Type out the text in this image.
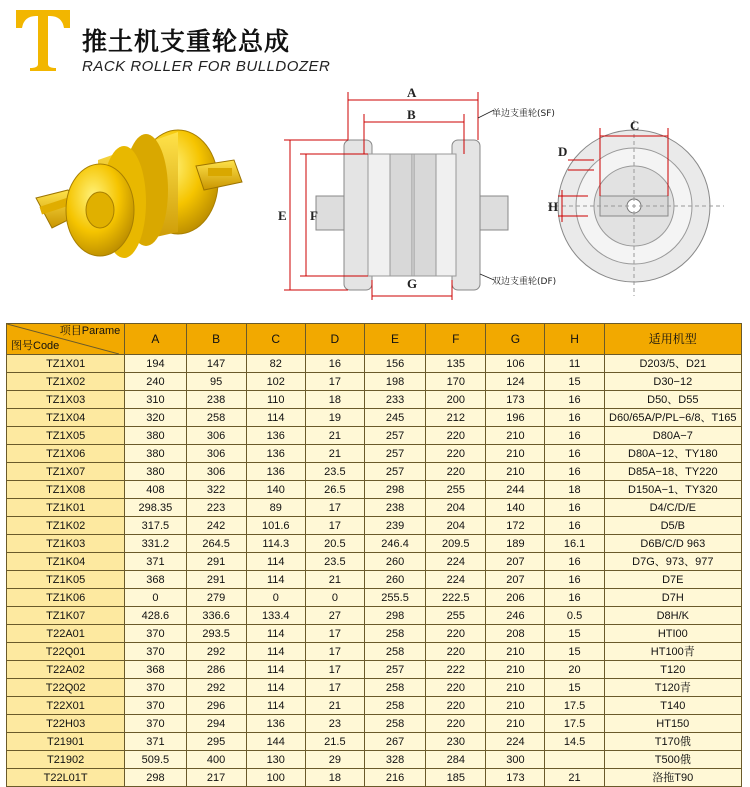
推土机支重轮总成
RACK ROLLER FOR BULLDOZER
A
B
E F
G
单边支重轮(SF)
双边支重轮(DF)
C
D
H
项目Parame
图号Code	A	B	C	D	E	F	G	H	适用机型
TZ1X01	194	147	82	16	156	135	106	11	D203/5、D21
TZ1X02	240	95	102	17	198	170	124	15	D30−12
TZ1X03	310	238	110	18	233	200	173	16	D50、D55
TZ1X04	320	258	114	19	245	212	196	16	D60/65A/P/PL−6/8、T165
TZ1X05	380	306	136	21	257	220	210	16	D80A−7
TZ1X06	380	306	136	21	257	220	210	16	D80A−12、TY180
TZ1X07	380	306	136	23.5	257	220	210	16	D85A−18、TY220
TZ1X08	408	322	140	26.5	298	255	244	18	D150A−1、TY320
TZ1K01	298.35	223	89	17	238	204	140	16	D4/C/D/E
TZ1K02	317.5	242	101.6	17	239	204	172	16	D5/B
TZ1K03	331.2	264.5	114.3	20.5	246.4	209.5	189	16.1	D6B/C/D 963
TZ1K04	371	291	114	23.5	260	224	207	16	D7G、973、977
TZ1K05	368	291	114	21	260	224	207	16	D7E
TZ1K06	0	279	0	0	255.5	222.5	206	16	D7H
TZ1K07	428.6	336.6	133.4	27	298	255	246	0.5	D8H/K
T22A01	370	293.5	114	17	258	220	208	15	HTI00
T22Q01	370	292	114	17	258	220	210	15	HT100青
T22A02	368	286	114	17	257	222	210	20	T120
T22Q02	370	292	114	17	258	220	210	15	T120青
T22X01	370	296	114	21	258	220	210	17.5	T140
T22H03	370	294	136	23	258	220	210	17.5	HT150
T21901	371	295	144	21.5	267	230	224	14.5	T170俄
T21902	509.5	400	130	29	328	284	300		T500俄
T22L01T	298	217	100	18	216	185	173	21	洛拖T90
